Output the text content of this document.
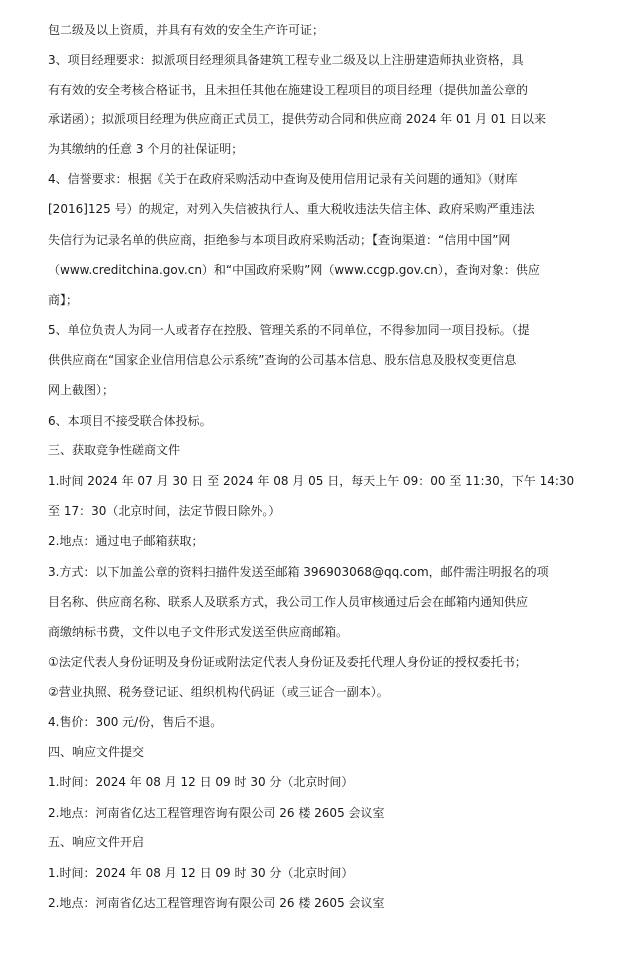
包二级及以上资质，并具有有效的安全生产许可证；
3、项目经理要求：拟派项目经理须具备建筑工程专业二级及以上注册建造师执业资格，具
有有效的安全考核合格证书，且未担任其他在施建设工程项目的项目经理（提供加盖公章的
承诺函）；拟派项目经理为供应商正式员工，提供劳动合同和供应商 2024 年 01 月 01 日以来
为其缴纳的任意 3 个月的社保证明；
4、信誉要求：根据《关于在政府采购活动中查询及使用信用记录有关问题的通知》（财库
[2016]125 号）的规定，对列入失信被执行人、重大税收违法失信主体、政府采购严重违法
失信行为记录名单的供应商，拒绝参与本项目政府采购活动；【查询渠道：“信用中国”网
（www.creditchina.gov.cn）和“中国政府采购”网（www.ccgp.gov.cn），查询对象：供应
商】；
5、单位负责人为同一人或者存在控股、管理关系的不同单位，不得参加同一项目投标。（提
供供应商在“国家企业信用信息公示系统”查询的公司基本信息、股东信息及股权变更信息
网上截图）；
6、本项目不接受联合体投标。
三、获取竞争性磋商文件
1.时间 2024 年 07 月 30 日 至 2024 年 08 月 05 日，每天上午 09：00 至 11:30，下午 14:30
至 17：30（北京时间，法定节假日除外。）
2.地点：通过电子邮箱获取；
3.方式：以下加盖公章的资料扫描件发送至邮箱 396903068@qq.com，邮件需注明报名的项
目名称、供应商名称、联系人及联系方式，我公司工作人员审核通过后会在邮箱内通知供应
商缴纳标书费，文件以电子文件形式发送至供应商邮箱。
①法定代表人身份证明及身份证或附法定代表人身份证及委托代理人身份证的授权委托书；
②营业执照、税务登记证、组织机构代码证（或三证合一副本）。
4.售价：300 元/份，售后不退。
四、响应文件提交
1.时间：2024 年 08 月 12 日 09 时 30 分（北京时间）
2.地点：河南省亿达工程管理咨询有限公司 26 楼 2605 会议室
五、响应文件开启
1.时间：2024 年 08 月 12 日 09 时 30 分（北京时间）
2.地点：河南省亿达工程管理咨询有限公司 26 楼 2605 会议室
